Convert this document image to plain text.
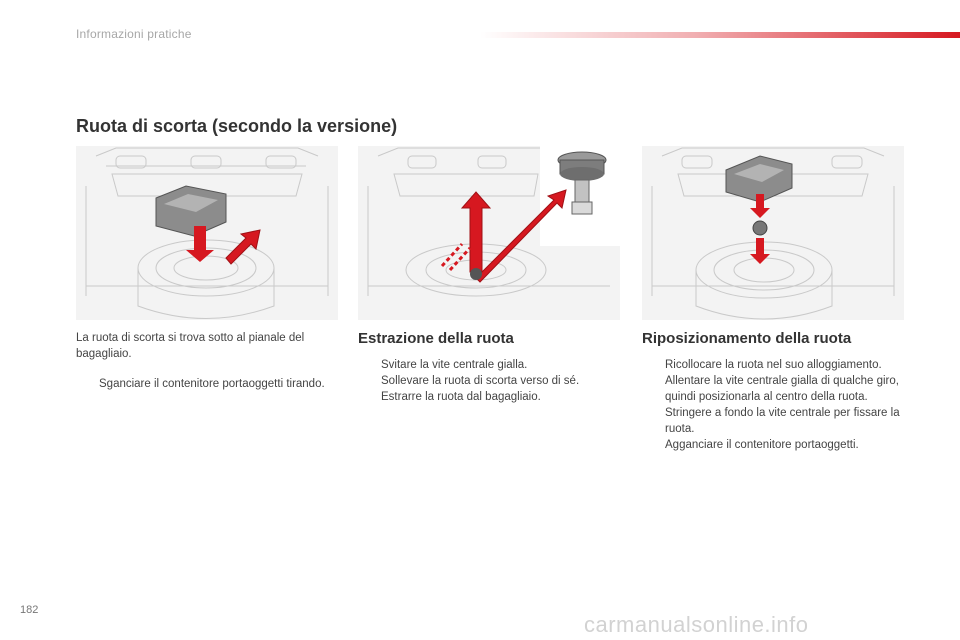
Informazioni pratiche
Ruota di scorta (secondo la versione)

La ruota di scorta si trova sotto al pianale del bagagliaio.

Sganciare il contenitore portaoggetti tirando.
Estrazione della ruota
Svitare la vite centrale gialla.
Sollevare la ruota di scorta verso di sé.
Estrarre la ruota dal bagagliaio.
Riposizionamento della ruota
Ricollocare la ruota nel suo alloggiamento.
Allentare la vite centrale gialla di qualche giro, quindi posizionarla al centro della ruota.
Stringere a fondo la vite centrale per fissare la ruota.
Agganciare il contenitore portaoggetti.
182
carmanualsonline.info
